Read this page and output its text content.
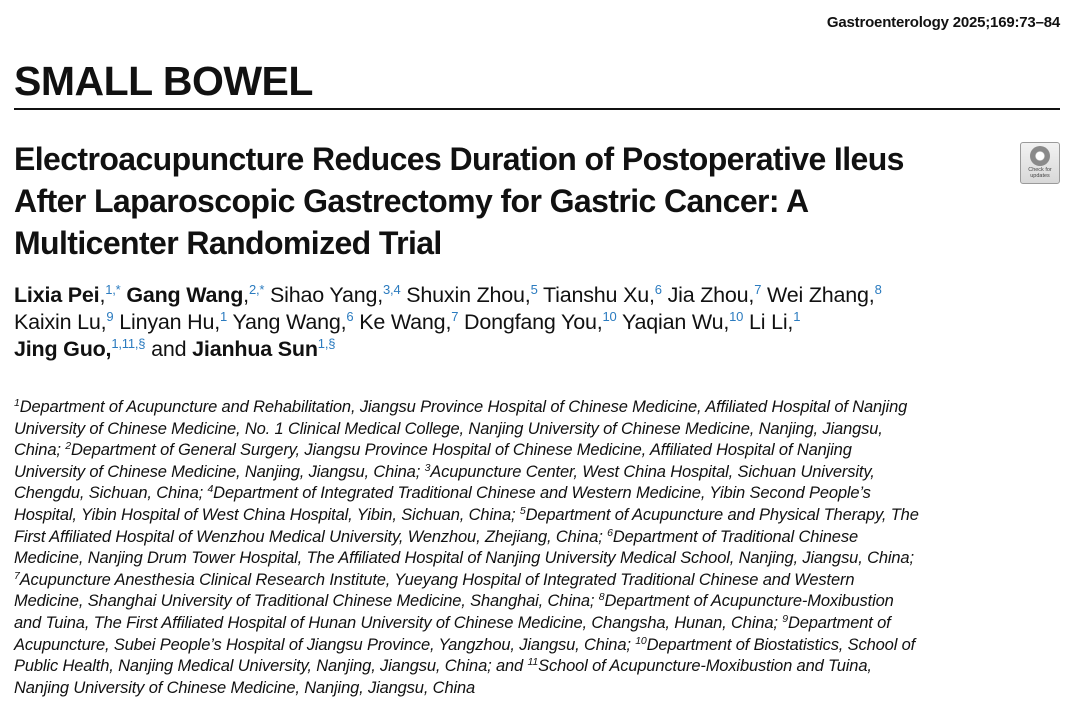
Gastroenterology 2025;169:73–84
SMALL BOWEL
Electroacupuncture Reduces Duration of Postoperative Ileus
After Laparoscopic Gastrectomy for Gastric Cancer: A
Multicenter Randomized Trial
Check for
updates

Lixia Pei,$^{1,*}$ Gang Wang,$^{2,*}$ Sihao Yang,$^{3,4}$ Shuxin Zhou,$^5$ Tianshu Xu,$^6$ Jia Zhou,$^7$ Wei Zhang,$^8$
Kaixin Lu,$^9$ Linyan Hu,$^1$ Yang Wang,$^6$ Ke Wang,$^7$ Dongfang You,$^{10}$ Yaqian Wu,$^{10}$ Li Li,$^1$
Jing Guo,$^{1,11,\S}$ and Jianhua Sun$^{1,\S}$

$^1$Department of Acupuncture and Rehabilitation, Jiangsu Province Hospital of Chinese Medicine, Affiliated Hospital of Nanjing
University of Chinese Medicine, No. 1 Clinical Medical College, Nanjing University of Chinese Medicine, Nanjing, Jiangsu,
China; $^2$Department of General Surgery, Jiangsu Province Hospital of Chinese Medicine, Affiliated Hospital of Nanjing
University of Chinese Medicine, Nanjing, Jiangsu, China; $^3$Acupuncture Center, West China Hospital, Sichuan University,
Chengdu, Sichuan, China; $^4$Department of Integrated Traditional Chinese and Western Medicine, Yibin Second People’s
Hospital, Yibin Hospital of West China Hospital, Yibin, Sichuan, China; $^5$Department of Acupuncture and Physical Therapy, The
First Affiliated Hospital of Wenzhou Medical University, Wenzhou, Zhejiang, China; $^6$Department of Traditional Chinese
Medicine, Nanjing Drum Tower Hospital, The Affiliated Hospital of Nanjing University Medical School, Nanjing, Jiangsu, China;
$^7$Acupuncture Anesthesia Clinical Research Institute, Yueyang Hospital of Integrated Traditional Chinese and Western
Medicine, Shanghai University of Traditional Chinese Medicine, Shanghai, China; $^8$Department of Acupuncture-Moxibustion
and Tuina, The First Affiliated Hospital of Hunan University of Chinese Medicine, Changsha, Hunan, China; $^9$Department of
Acupuncture, Subei People’s Hospital of Jiangsu Province, Yangzhou, Jiangsu, China; $^{10}$Department of Biostatistics, School of
Public Health, Nanjing Medical University, Nanjing, Jiangsu, China; and $^{11}$School of Acupuncture-Moxibustion and Tuina,
Nanjing University of Chinese Medicine, Nanjing, Jiangsu, China
